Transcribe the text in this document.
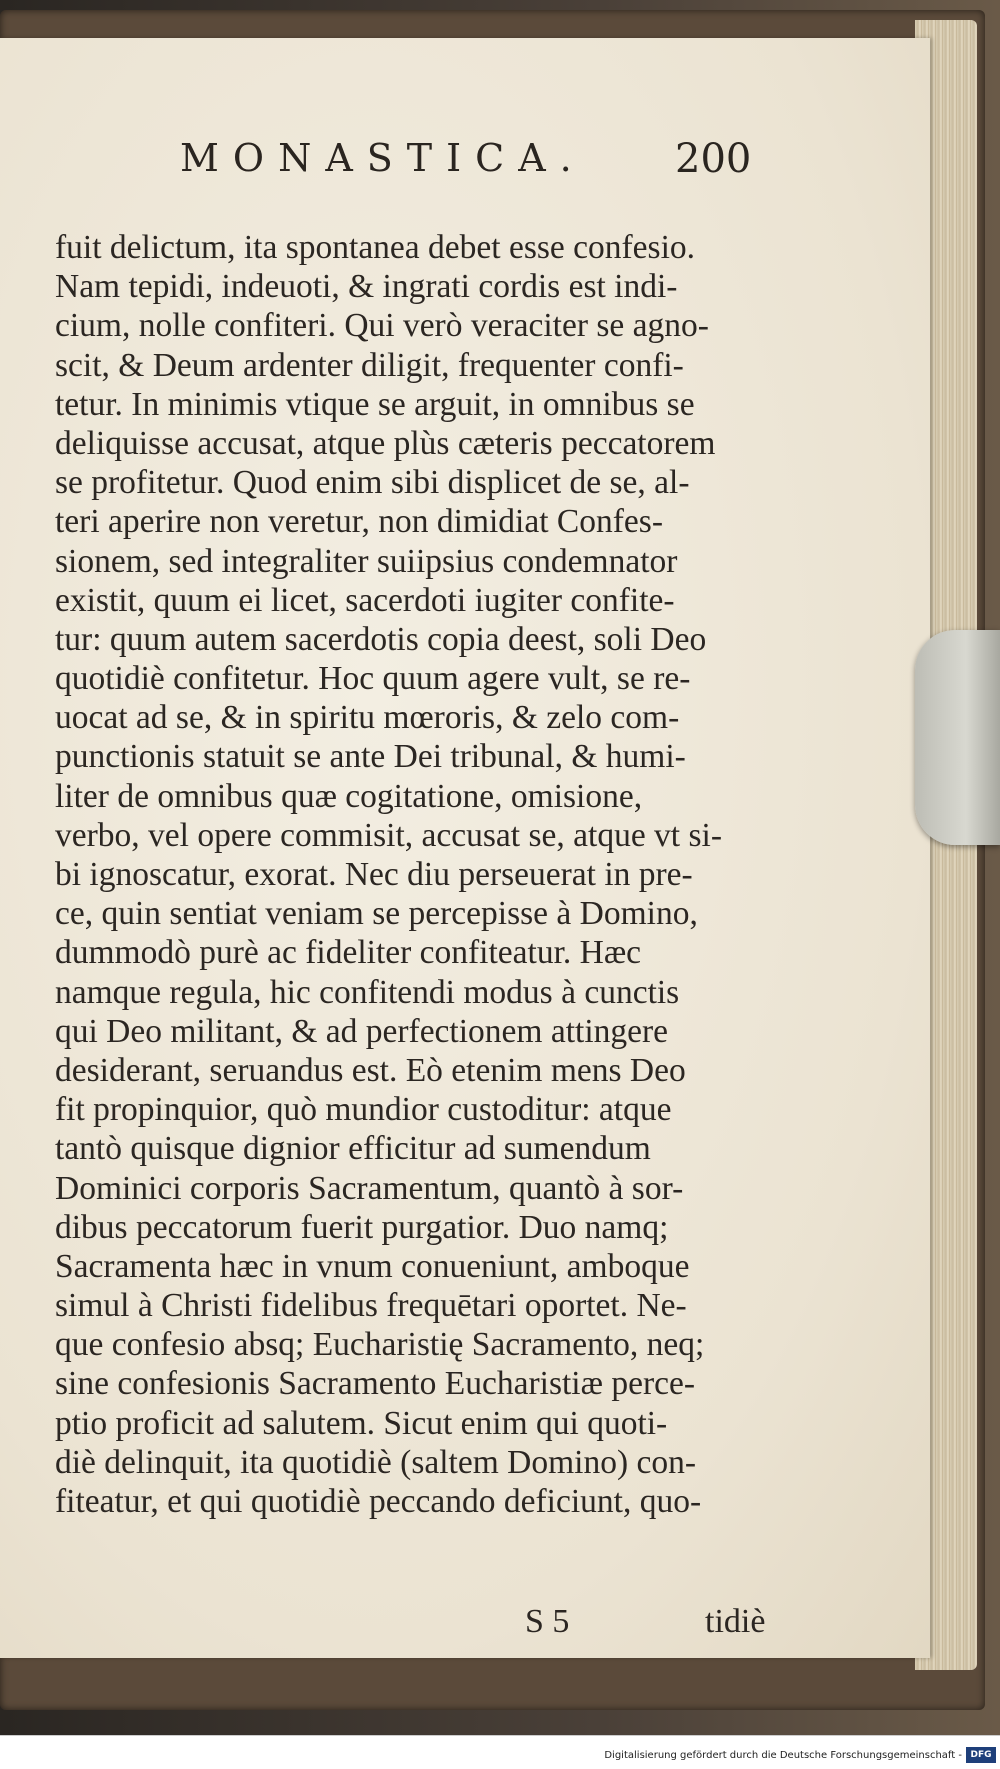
MONASTICA. 200
fuit delictum, ita spontanea debet esse confesio.
Nam tepidi, indeuoti, & ingrati cordis est indi-
cium, nolle confiteri. Qui verò veraciter se agno-
scit, & Deum ardenter diligit, frequenter confi-
tetur. In minimis vtique se arguit, in omnibus se
deliquisse accusat, atque plùs cæteris peccatorem
se profitetur. Quod enim sibi displicet de se, al-
teri aperire non veretur, non dimidiat Confes-
sionem, sed integraliter suiipsius condemnator
existit, quum ei licet, sacerdoti iugiter confite-
tur: quum autem sacerdotis copia deest, soli Deo
quotidiè confitetur. Hoc quum agere vult, se re-
uocat ad se, & in spiritu mœroris, & zelo com-
punctionis statuit se ante Dei tribunal, & humi-
liter de omnibus quæ cogitatione, omisione,
verbo, vel opere commisit, accusat se, atque vt si-
bi ignoscatur, exorat. Nec diu perseuerat in pre-
ce, quin sentiat veniam se percepisse à Domino,
dummodò purè ac fideliter confiteatur. Hæc
namque regula, hic confitendi modus à cunctis
qui Deo militant, & ad perfectionem attingere
desiderant, seruandus est. Eò etenim mens Deo
fit propinquior, quò mundior custoditur: atque
tantò quisque dignior efficitur ad sumendum
Dominici corporis Sacramentum, quantò à sor-
dibus peccatorum fuerit purgatior. Duo namq;
Sacramenta hæc in vnum conueniunt, amboque
simul à Christi fidelibus frequētari oportet. Ne-
que confesio absq; Eucharistię Sacramento, neq;
sine confesionis Sacramento Eucharistiæ perce-
ptio proficit ad salutem. Sicut enim qui quoti-
diè delinquit, ita quotidiè (saltem Domino) con-
fiteatur, et qui quotidiè peccando deficiunt, quo-
S 5	tidiè
Digitalisierung gefördert durch die Deutsche Forschungsgemeinschaft - DFG
